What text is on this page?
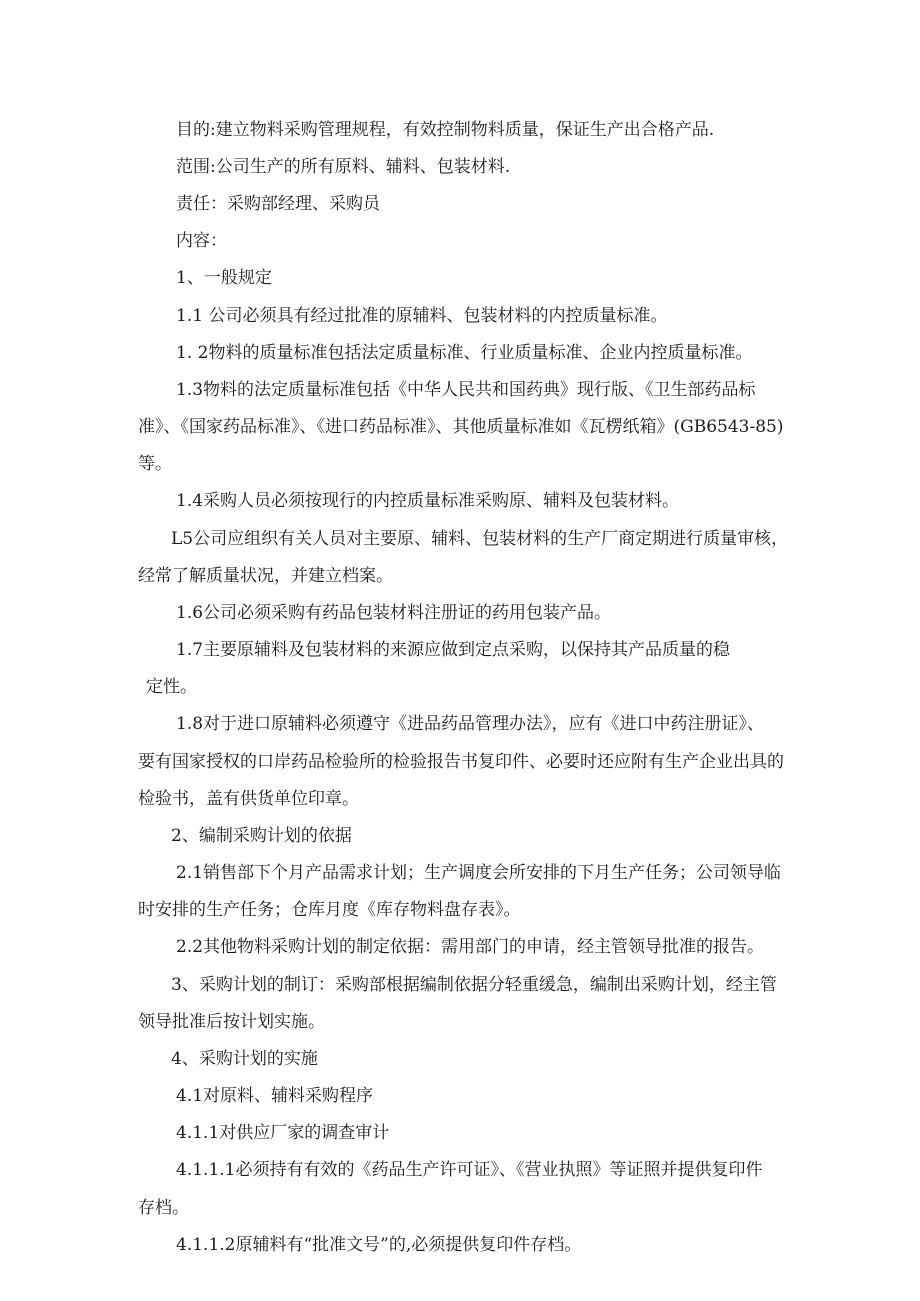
目的:建立物料采购管理规程，有效控制物料质量，保证生产出合格产品.

范围:公司生产的所有原料、辅料、包装材料.

责任：采购部经理、采购员

内容：

1、一般规定

1.1 公司必须具有经过批准的原辅料、包装材料的内控质量标准。

1. 2物料的质量标准包括法定质量标准、行业质量标准、企业内控质量标准。

1.3物料的法定质量标准包括《中华人民共和国药典》现行版、《卫生部药品标

准》、《国家药品标准》、《进口药品标准》、其他质量标准如《瓦楞纸箱》(GB6543-85)

等。

1.4采购人员必须按现行的内控质量标准采购原、辅料及包装材料。

L5公司应组织有关人员对主要原、辅料、包装材料的生产厂商定期进行质量审核，

经常了解质量状况，并建立档案。

1.6公司必须采购有药品包装材料注册证的药用包装产品。

1.7主要原辅料及包装材料的来源应做到定点采购，以保持其产品质量的稳

定性。

1.8对于进口原辅料必须遵守《进品药品管理办法》，应有《进口中药注册证》、

要有国家授权的口岸药品检验所的检验报告书复印件、必要时还应附有生产企业出具的

检验书，盖有供货单位印章。

2、编制采购计划的依据

2.1销售部下个月产品需求计划；生产调度会所安排的下月生产任务；公司领导临

时安排的生产任务；仓库月度《库存物料盘存表》。

2.2其他物料采购计划的制定依据：需用部门的申请，经主管领导批准的报告。

3、采购计划的制订：采购部根据编制依据分轻重缓急，编制出采购计划，经主管

领导批准后按计划实施。

4、采购计划的实施

4.1对原料、辅料采购程序

4.1.1对供应厂家的调查审计

4.1.1.1必须持有有效的《药品生产许可证》、《营业执照》等证照并提供复印件

存档。

4.1.1.2原辅料有“批准文号”的,必须提供复印件存档。
